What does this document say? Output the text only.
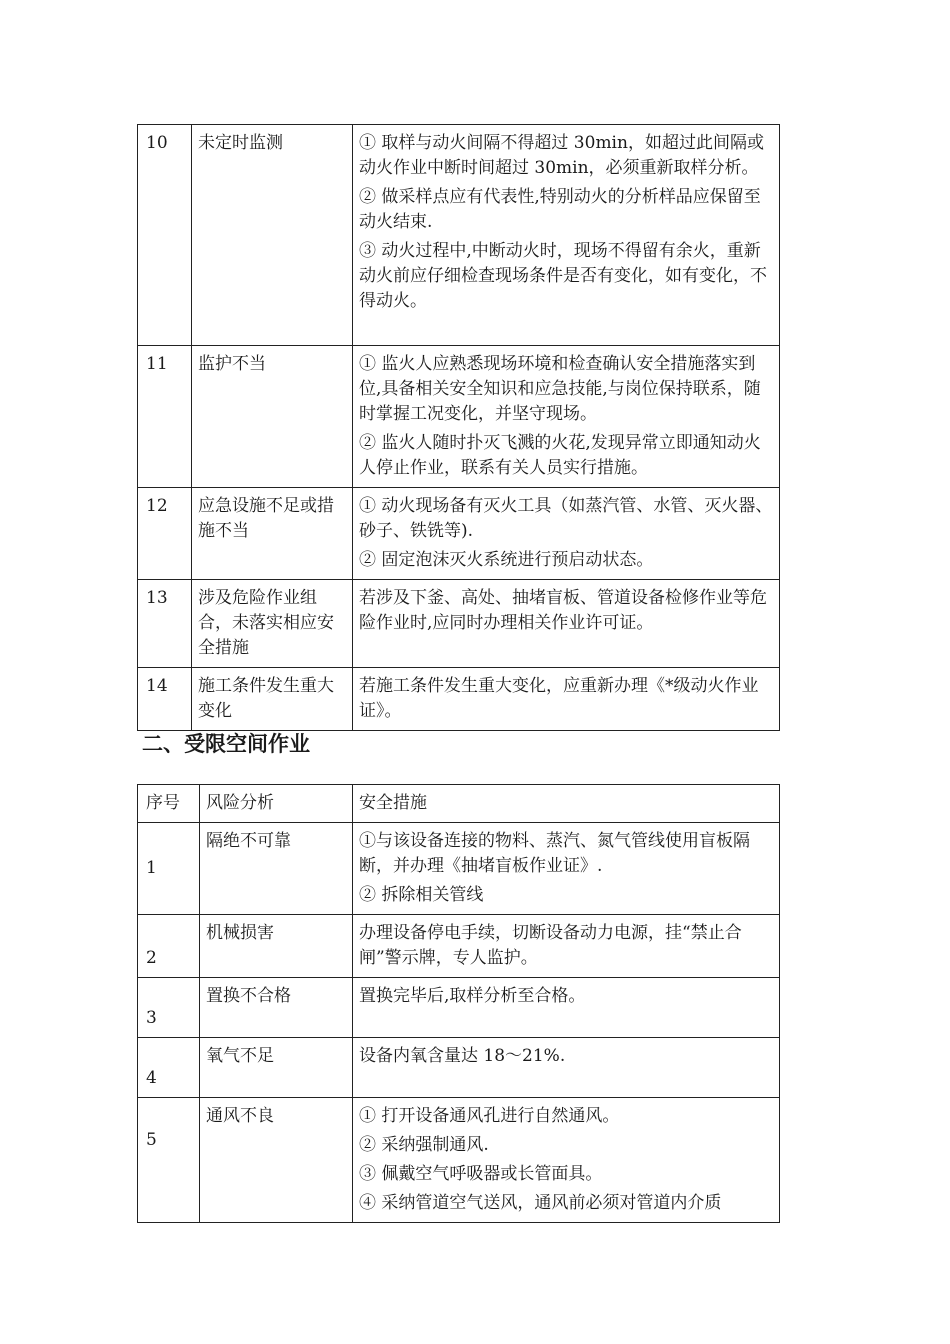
10	未定时监测	① 取样与动火间隔不得超过 30min，如超过此间隔或动火作业中断时间超过 30min，必须重新取样分析。

② 做采样点应有代表性,特别动火的分析样品应保留至动火结束.

③ 动火过程中,中断动火时，现场不得留有余火，重新动火前应仔细检查现场条件是否有变化，如有变化，不得动火。

11	监护不当	① 监火人应熟悉现场环境和检查确认安全措施落实到位,具备相关安全知识和应急技能,与岗位保持联系，随时掌握工况变化，并坚守现场。

② 监火人随时扑灭飞溅的火花,发现异常立即通知动火人停止作业，联系有关人员实行措施。

12	应急设施不足或措施不当	① 动火现场备有灭火工具（如蒸汽管、水管、灭火器、砂子、铁铣等).

② 固定泡沫灭火系统进行预启动状态。

13	涉及危险作业组合，未落实相应安全措施	若涉及下釜、高处、抽堵盲板、管道设备检修作业等危险作业时,应同时办理相关作业许可证。

14	施工条件发生重大变化	若施工条件发生重大变化，应重新办理《*级动火作业证》。

二、受限空间作业
序号	风险分析	安全措施
1	隔绝不可靠	①与该设备连接的物料、蒸汽、氮气管线使用盲板隔断，并办理《抽堵盲板作业证》.

② 拆除相关管线

2	机械损害	办理设备停电手续，切断设备动力电源，挂“禁止合闸”警示牌，专人监护。

3	置换不合格	置换完毕后,取样分析至合格。

4	氧气不足	设备内氧含量达 18～21%.

5	通风不良	① 打开设备通风孔进行自然通风。

② 采纳强制通风.

③ 佩戴空气呼吸器或长管面具。

④ 采纳管道空气送风，通风前必须对管道内介质
